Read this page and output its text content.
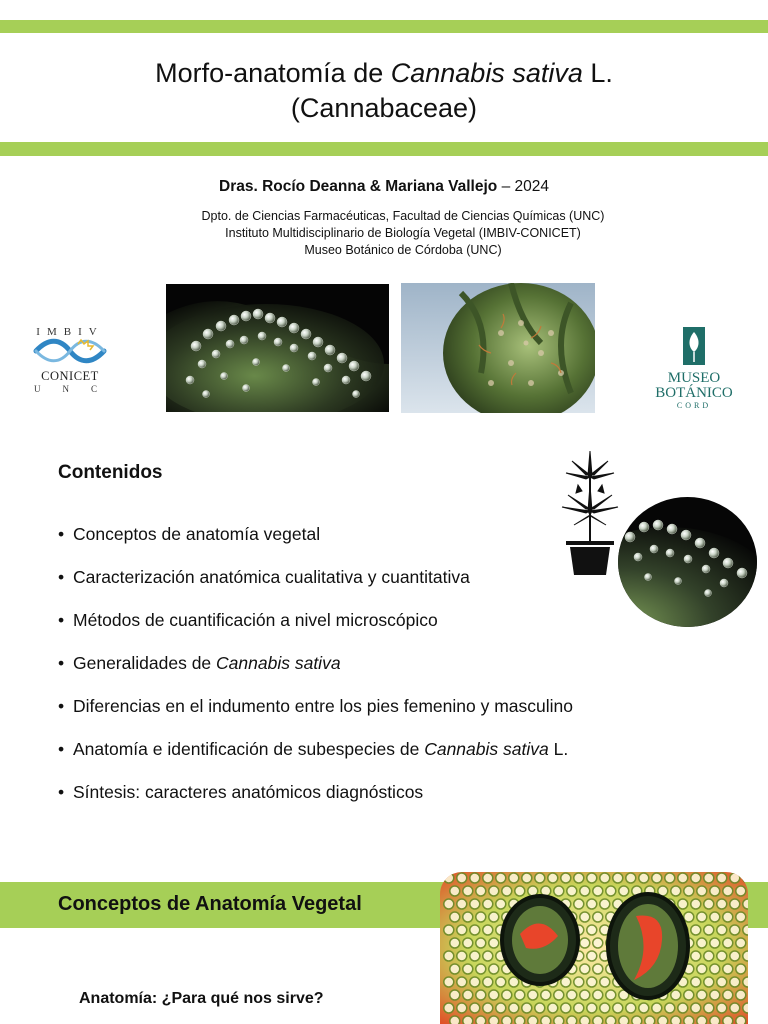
Morfo-anatomía de Cannabis sativa L.
(Cannabaceae)
Dras. Rocío Deanna & Mariana Vallejo – 2024
Dpto. de Ciencias Farmacéuticas, Facultad de Ciencias Químicas (UNC)
Instituto Multidisciplinario de Biología Vegetal (IMBIV-CONICET)
Museo Botánico de Córdoba (UNC)
IMBIV
CONICET
UNC
MUSEO
BOTÁNICO
CORD
Contenidos
• Conceptos de anatomía vegetal
• Caracterización anatómica cualitativa y cuantitativa
• Métodos de cuantificación a nivel microscópico
• Generalidades de Cannabis sativa
• Diferencias en el indumento entre los pies femenino y masculino
• Anatomía e identificación de subespecies de Cannabis sativa L.
• Síntesis: caracteres anatómicos diagnósticos
Conceptos de Anatomía Vegetal
Anatomía: ¿Para qué nos sirve?
